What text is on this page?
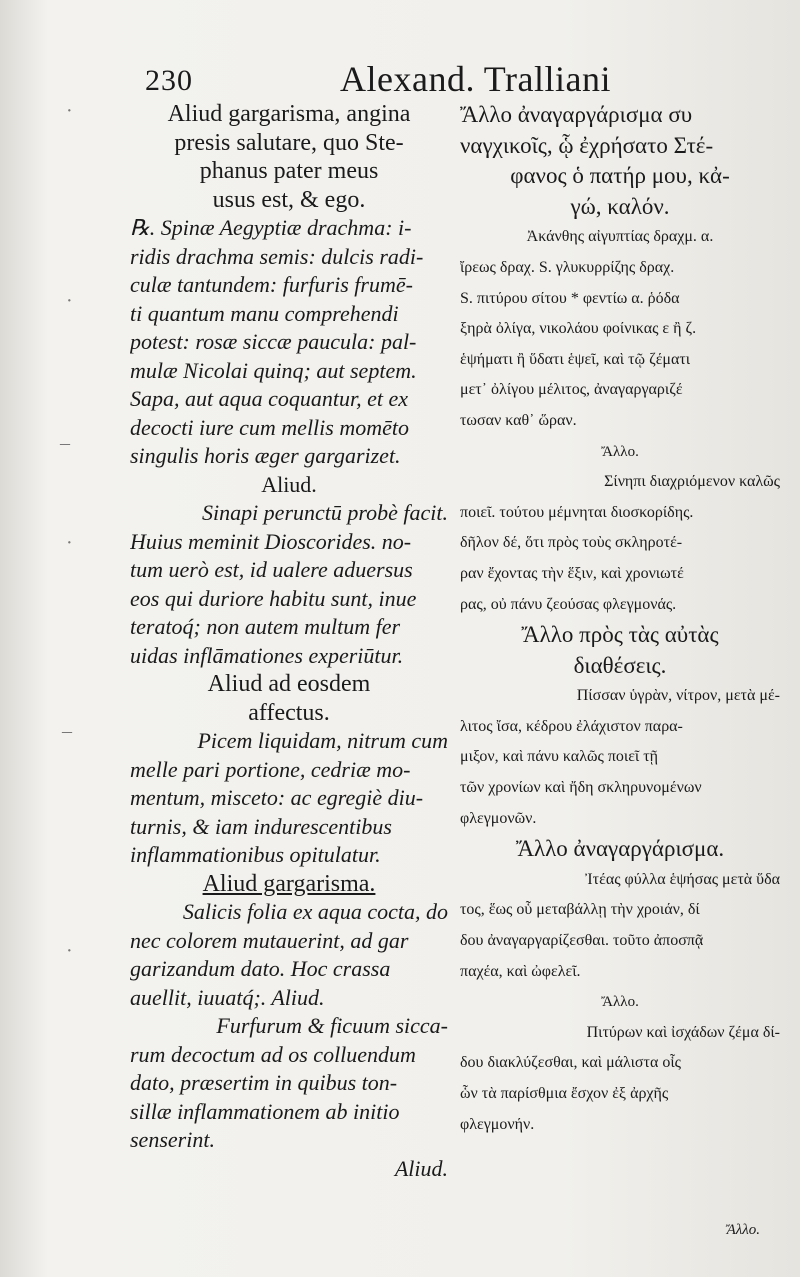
230	Alexand. Tralliani
Aliud gargarisma, angina
presis salutare, quo Ste-
phanus pater meus
usus est, & ego.
℞. Spinæ Aegyptiæ drachma: i-
ridis drachma semis: dulcis radi-
culæ tantundem: furfuris frumē-
ti quantum manu comprehendi
potest: rosæ siccæ paucula: pal-
mulæ Nicolai quinq; aut septem.
Sapa, aut aqua coquantur, et ex
decocti iure cum mellis momēto
singulis horis æger gargarizet.
Aliud.
Sinapi perunctū probè facit.
Huius meminit Dioscorides. no-
tum uerò est, id ualere aduersus
eos qui duriore habitu sunt, inue
teratoq́; non autem multum fer
uidas inflāmationes experiūtur.
Aliud ad eosdem
affectus.
Picem liquidam, nitrum cum
melle pari portione, cedriæ mo-
mentum, misceto: ac egregiè diu-
turnis, & iam indurescentibus
inflammationibus opitulatur.
Aliud gargarisma.
Salicis folia ex aqua cocta, do
nec colorem mutauerint, ad gar
garizandum dato. Hoc crassa
auellit, iuuatq́;. Aliud.
Furfurum & ficuum sicca-
rum decoctum ad os colluendum
dato, præsertim in quibus ton-
sillæ inflammationem ab initio
senserint.
Aliud.
Ἄλλο ἀναγαργάρισμα συ
ναγχικοῖς, ᾧ ἐχρήσατο Στέ-
φανος ὁ πατήρ μου, κἀ-
γώ, καλόν.
Ἀκάνθης αἰγυπτίας δραχμ. α.
ἴρεως δραχ. S. γλυκυρρίζης δραχ.
S. πιτύρου σίτου * φεντίω α. ῥόδα
ξηρὰ ὀλίγα, νικολάου φοίνικας ε ἢ ζ.
ἑψήματι ἢ ὕδατι ἑψεῖ, καὶ τῷ ζέματι
μετ᾽ ὀλίγου μέλιτος, ἀναγαργαριζέ
τωσαν καθ᾽ ὥραν.
Ἄλλο.
Σίνηπι διαχριόμενον καλῶς
ποιεῖ. τούτου μέμνηται διοσκορίδης.
δῆλον δέ, ὅτι πρὸς τοὺς σκληροτέ-
ραν ἔχοντας τὴν ἕξιν, καὶ χρονιωτέ
ρας, οὐ πάνυ ζεούσας φλεγμονάς.
Ἄλλο πρὸς τὰς αὐτὰς
διαθέσεις.
Πίσσαν ὑγρὰν, νίτρον, μετὰ μέ-
λιτος ἴσα, κέδρου ἐλάχιστον παρα-
μιξον, καὶ πάνυ καλῶς ποιεῖ τῇ
τῶν χρονίων καὶ ἤδη σκληρυνομένων
φλεγμονῶν.
Ἄλλο ἀναγαργάρισμα.
Ἰτέας φύλλα ἑψήσας μετὰ ὕδα
τος, ἕως οὗ μεταβάλλῃ τὴν χροιάν, δί
δου ἀναγαργαρίζεσθαι. τοῦτο ἀποσπᾷ
παχέα, καὶ ὠφελεῖ.
Ἄλλο.
Πιτύρων καὶ ἰσχάδων ζέμα δί-
δου διακλύζεσθαι, καὶ μάλιστα οἷς
ὧν τὰ παρίσθμια ἔσχον ἐξ ἀρχῆς
φλεγμονήν.
Ἄλλο.
·
·
–
·
–
·
